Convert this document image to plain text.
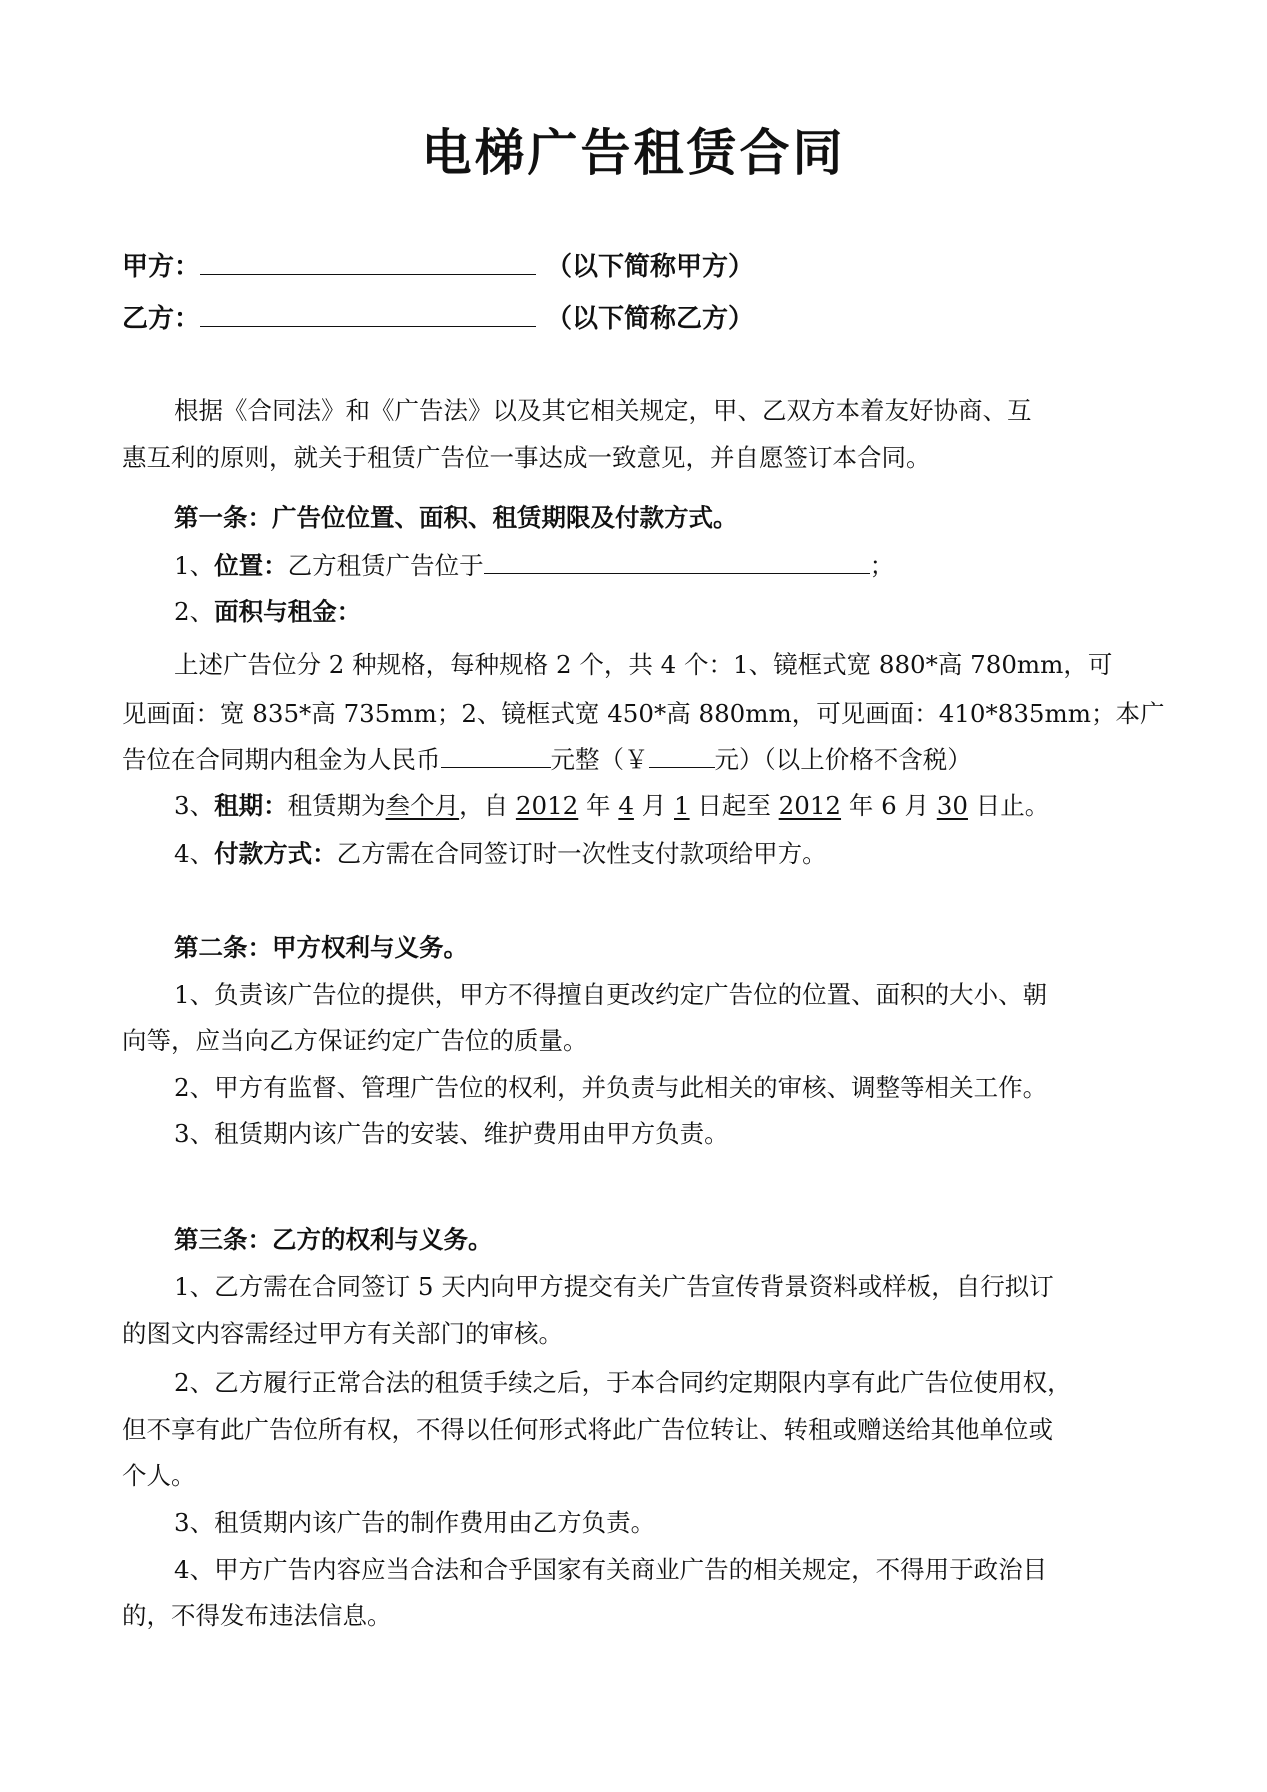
电梯广告租赁合同
甲方：	（以下简称甲方）
乙方：	（以下简称乙方）
根据《合同法》和《广告法》以及其它相关规定，甲、乙双方本着友好协商、互
惠互利的原则，就关于租赁广告位一事达成一致意见，并自愿签订本合同。
第一条：广告位位置、面积、租赁期限及付款方式。
1、位置：乙方租赁广告位于	；
2、面积与租金：
上述广告位分 2 种规格，每种规格 2 个，共 4 个：1、镜框式宽 880*高 780mm，可
见画面：宽 835*高 735mm；2、镜框式宽 450*高 880mm，可见画面：410*835mm；本广
告位在合同期内租金为人民币	元整（￥	元）（以上价格不含税）
3、租期：租赁期为叁个月，自 2012 年 4 月 1 日起至 2012 年 6 月 30 日止。
4、付款方式：乙方需在合同签订时一次性支付款项给甲方。
第二条：甲方权利与义务。
1、负责该广告位的提供，甲方不得擅自更改约定广告位的位置、面积的大小、朝
向等，应当向乙方保证约定广告位的质量。
2、甲方有监督、管理广告位的权利，并负责与此相关的审核、调整等相关工作。
3、租赁期内该广告的安装、维护费用由甲方负责。
第三条：乙方的权利与义务。
1、乙方需在合同签订 5 天内向甲方提交有关广告宣传背景资料或样板，自行拟订
的图文内容需经过甲方有关部门的审核。
2、乙方履行正常合法的租赁手续之后，于本合同约定期限内享有此广告位使用权，
但不享有此广告位所有权，不得以任何形式将此广告位转让、转租或赠送给其他单位或
个人。
3、租赁期内该广告的制作费用由乙方负责。
4、甲方广告内容应当合法和合乎国家有关商业广告的相关规定，不得用于政治目
的，不得发布违法信息。
